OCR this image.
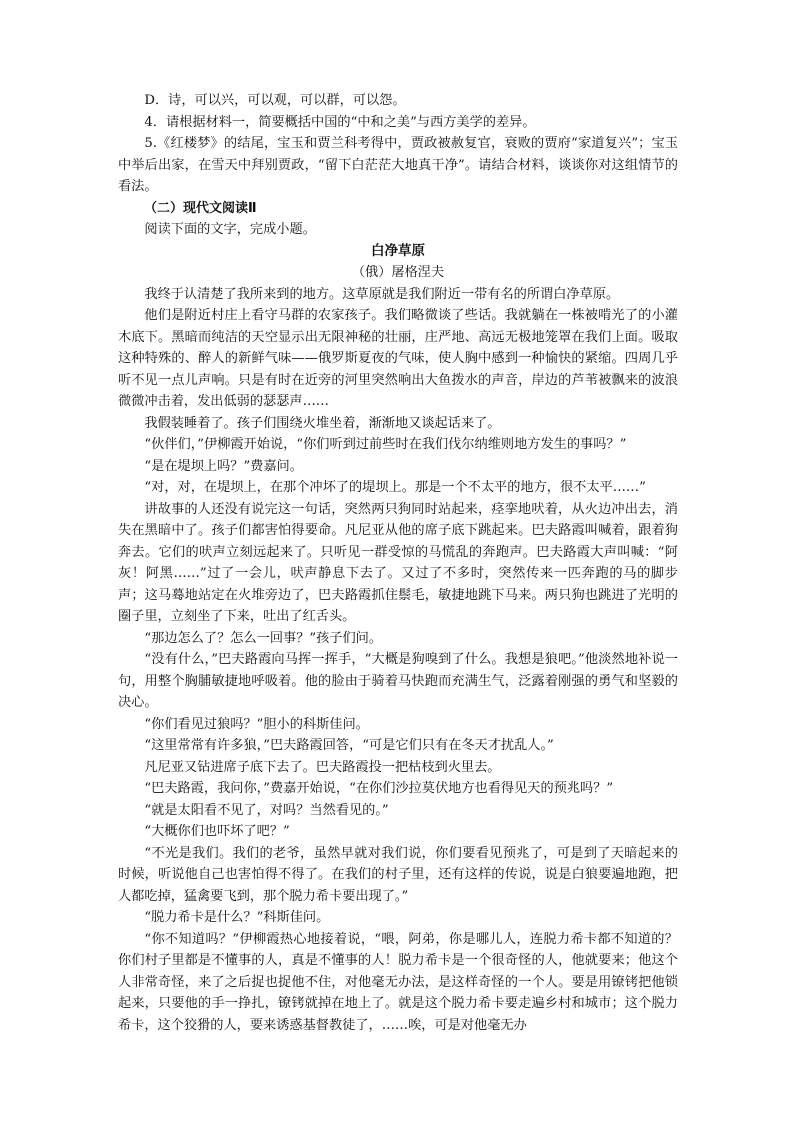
D．诗，可以兴，可以观，可以群，可以怨。

4．请根据材料一，简要概括中国的“中和之美”与西方美学的差异。

5.《红楼梦》的结尾，宝玉和贾兰科考得中，贾政被赦复官，衰败的贾府“家道复兴”；宝玉中举后出家，在雪天中拜别贾政，“留下白茫茫大地真干净”。请结合材料，谈谈你对这组情节的看法。

（二）现代文阅读Ⅱ

阅读下面的文字，完成小题。

白净草原

（俄）屠格涅夫

我终于认清楚了我所来到的地方。这草原就是我们附近一带有名的所谓白净草原。

他们是附近村庄上看守马群的农家孩子。我们略微谈了些话。我就躺在一株被啃光了的小灌木底下。黑暗而纯洁的天空显示出无限神秘的壮丽，庄严地、高远无极地笼罩在我们上面。吸取这种特殊的、醉人的新鲜气味——俄罗斯夏夜的气味，使人胸中感到一种愉快的紧缩。四周几乎听不见一点儿声响。只是有时在近旁的河里突然响出大鱼拨水的声音，岸边的芦苇被飘来的波浪微微冲击着，发出低弱的瑟瑟声……

我假装睡着了。孩子们围绕火堆坐着，渐渐地又谈起话来了。

“伙伴们，”伊柳霞开始说，“你们听到过前些时在我们伐尔纳维则地方发生的事吗？”

“是在堤坝上吗？”费嘉问。

“对，对，在堤坝上，在那个冲坏了的堤坝上。那是一个不太平的地方，很不太平……”

讲故事的人还没有说完这一句话，突然两只狗同时站起来，痉挛地吠着，从火边冲出去，消失在黑暗中了。孩子们都害怕得要命。凡尼亚从他的席子底下跳起来。巴夫路霞叫喊着，跟着狗奔去。它们的吠声立刻远起来了。只听见一群受惊的马慌乱的奔跑声。巴夫路霞大声叫喊：“阿灰！阿黑……”过了一会儿，吠声静息下去了。又过了不多时，突然传来一匹奔跑的马的脚步声；这马蓦地站定在火堆旁边了，巴夫路霞抓住鬃毛，敏捷地跳下马来。两只狗也跳进了光明的圈子里，立刻坐了下来，吐出了红舌头。

“那边怎么了？怎么一回事？”孩子们问。

“没有什么，”巴夫路霞向马挥一挥手，“大概是狗嗅到了什么。我想是狼吧。”他淡然地补说一句，用整个胸脯敏捷地呼吸着。他的脸由于骑着马快跑而充满生气，泛露着刚强的勇气和坚毅的决心。

“你们看见过狼吗？”胆小的科斯佳问。

“这里常常有许多狼，”巴夫路霞回答，“可是它们只有在冬天才扰乱人。”

凡尼亚又钻进席子底下去了。巴夫路霞投一把枯枝到火里去。

“巴夫路霞，我问你，”费嘉开始说，“在你们沙拉莫伏地方也看得见天的预兆吗？”

“就是太阳看不见了，对吗？当然看见的。”

“大概你们也吓坏了吧？”

“不光是我们。我们的老爷，虽然早就对我们说，你们要看见预兆了，可是到了天暗起来的时候，听说他自己也害怕得不得了。在我们的村子里，还有这样的传说，说是白狼要遍地跑，把人都吃掉，猛禽要飞到，那个脱力希卡要出现了。”

“脱力希卡是什么？”科斯佳问。

“你不知道吗？”伊柳霞热心地接着说，“喂，阿弟，你是哪儿人，连脱力希卡都不知道的？你们村子里都是不懂事的人，真是不懂事的人！脱力希卡是一个很奇怪的人，他就要来；他这个人非常奇怪，来了之后捉也捉他不住，对他毫无办法，是这样奇怪的一个人。要是用镣铐把他锁起来，只要他的手一挣扎，镣铐就掉在地上了。就是这个脱力希卡要走遍乡村和城市；这个脱力希卡，这个狡猾的人，要来诱惑基督教徒了，……唉，可是对他毫无办
